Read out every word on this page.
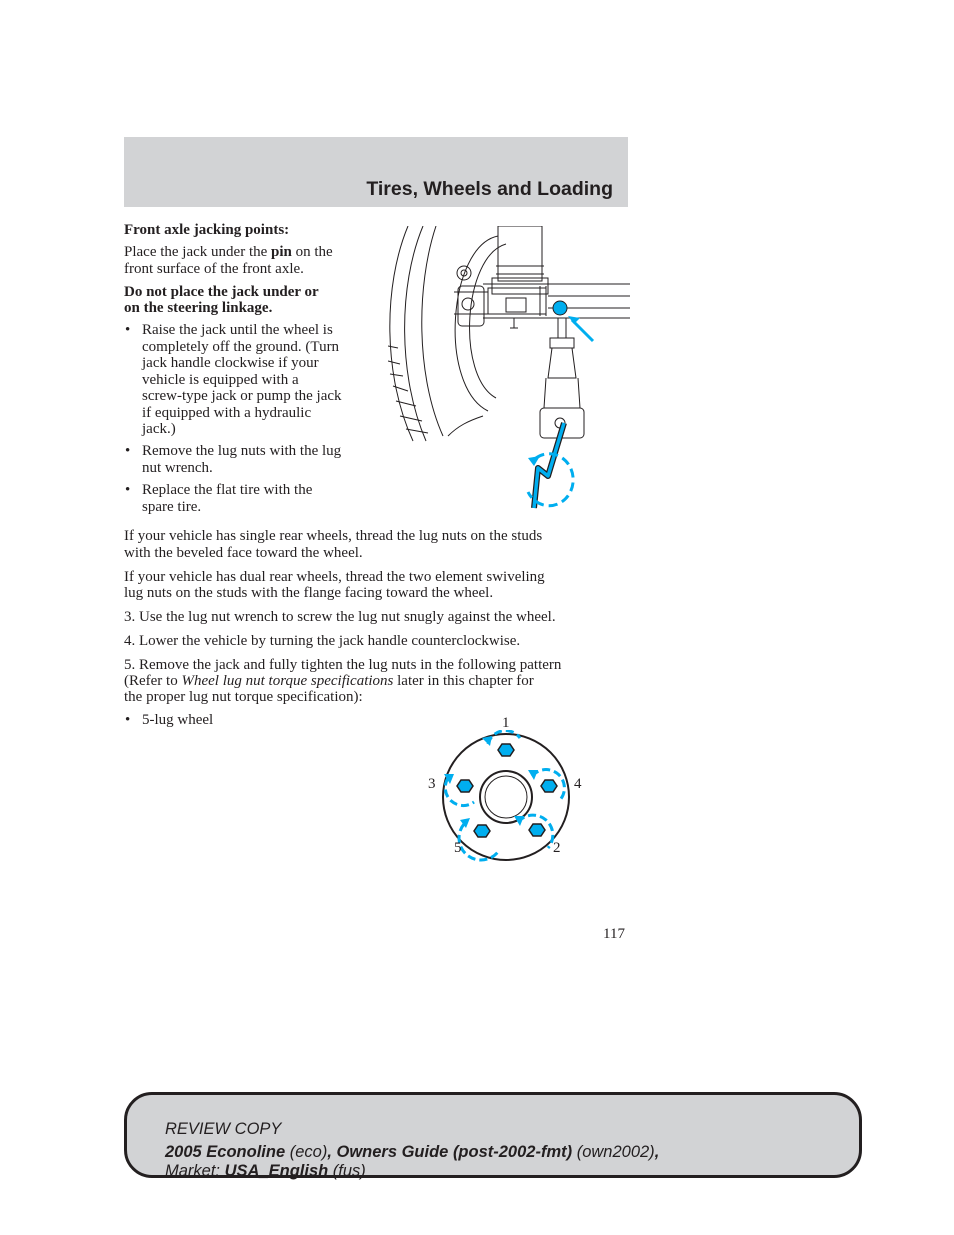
Tires, Wheels and Loading
Front axle jacking points:
Place the jack under the pin on the
front surface of the front axle.
Do not place the jack under or
on the steering linkage.
• Raise the jack until the wheel is
completely off the ground. (Turn
jack handle clockwise if your
vehicle is equipped with a
screw-type jack or pump the jack
if equipped with a hydraulic
jack.)
• Remove the lug nuts with the lug
nut wrench.
• Replace the flat tire with the
spare tire.
If your vehicle has single rear wheels, thread the lug nuts on the studs
with the beveled face toward the wheel.
If your vehicle has dual rear wheels, thread the two element swiveling
lug nuts on the studs with the flange facing toward the wheel.
3. Use the lug nut wrench to screw the lug nut snugly against the wheel.
4. Lower the vehicle by turning the jack handle counterclockwise.
5. Remove the jack and fully tighten the lug nuts in the following pattern
(Refer to Wheel lug nut torque specifications later in this chapter for
the proper lug nut torque specification):
• 5-lug wheel	1
2
3	4
5
117
REVIEW COPY
2005 Econoline (eco), Owners Guide (post-2002-fmt) (own2002),
Market: USA_English (fus)
